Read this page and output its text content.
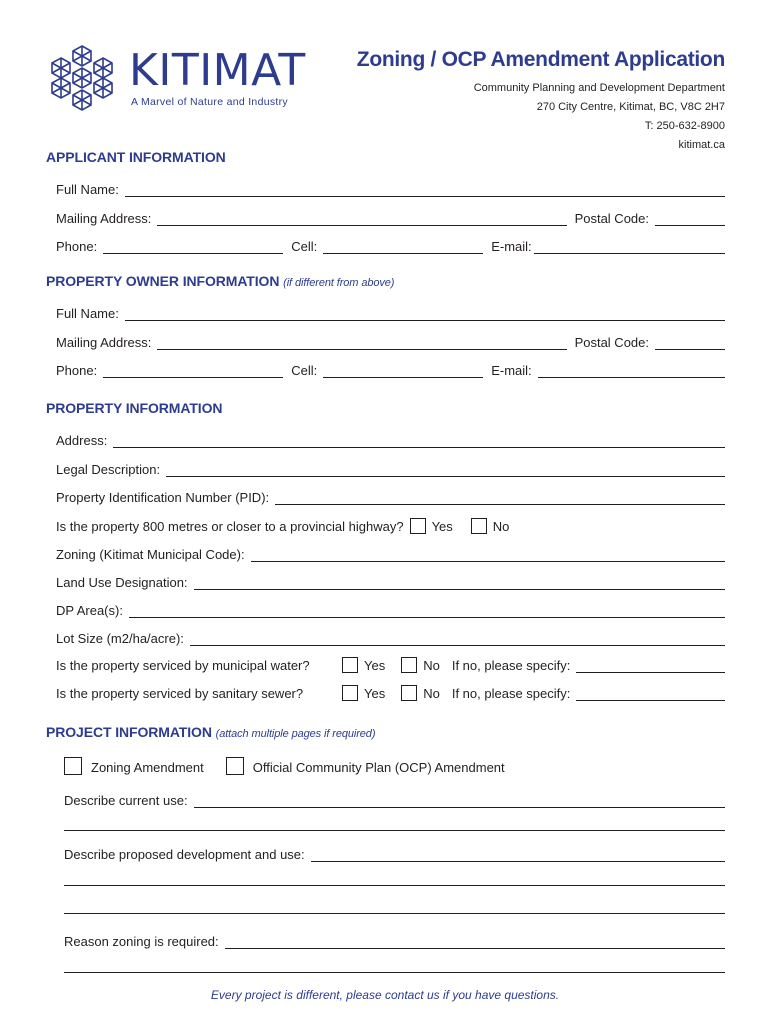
KITIMAT
A Marvel of Nature and Industry
Zoning / OCP Amendment Application
Community Planning and Development Department
270 City Centre, Kitimat, BC, V8C 2H7
T: 250-632-8900
kitimat.ca
APPLICANT INFORMATION
Full Name:
Mailing Address:	Postal Code:
Phone:	Cell:	E-mail:
PROPERTY OWNER INFORMATION (if different from above)
Full Name:
Mailing Address:	Postal Code:
Phone:	Cell:	E-mail:
PROPERTY INFORMATION
Address:
Legal Description:
Property Identification Number (PID):
Is the property 800 metres or closer to a provincial highway? Yes	No
Zoning (Kitimat Municipal Code):
Land Use Designation:
DP Area(s):
Lot Size (m2/ha/acre):
Is the property serviced by municipal water?	Yes	No If no, please specify:
Is the property serviced by sanitary sewer?	Yes	No If no, please specify:
PROJECT INFORMATION (attach multiple pages if required)
Zoning Amendment	Official Community Plan (OCP) Amendment
Describe current use:
Describe proposed development and use:
Reason zoning is required:
Every project is different, please contact us if you have questions.
